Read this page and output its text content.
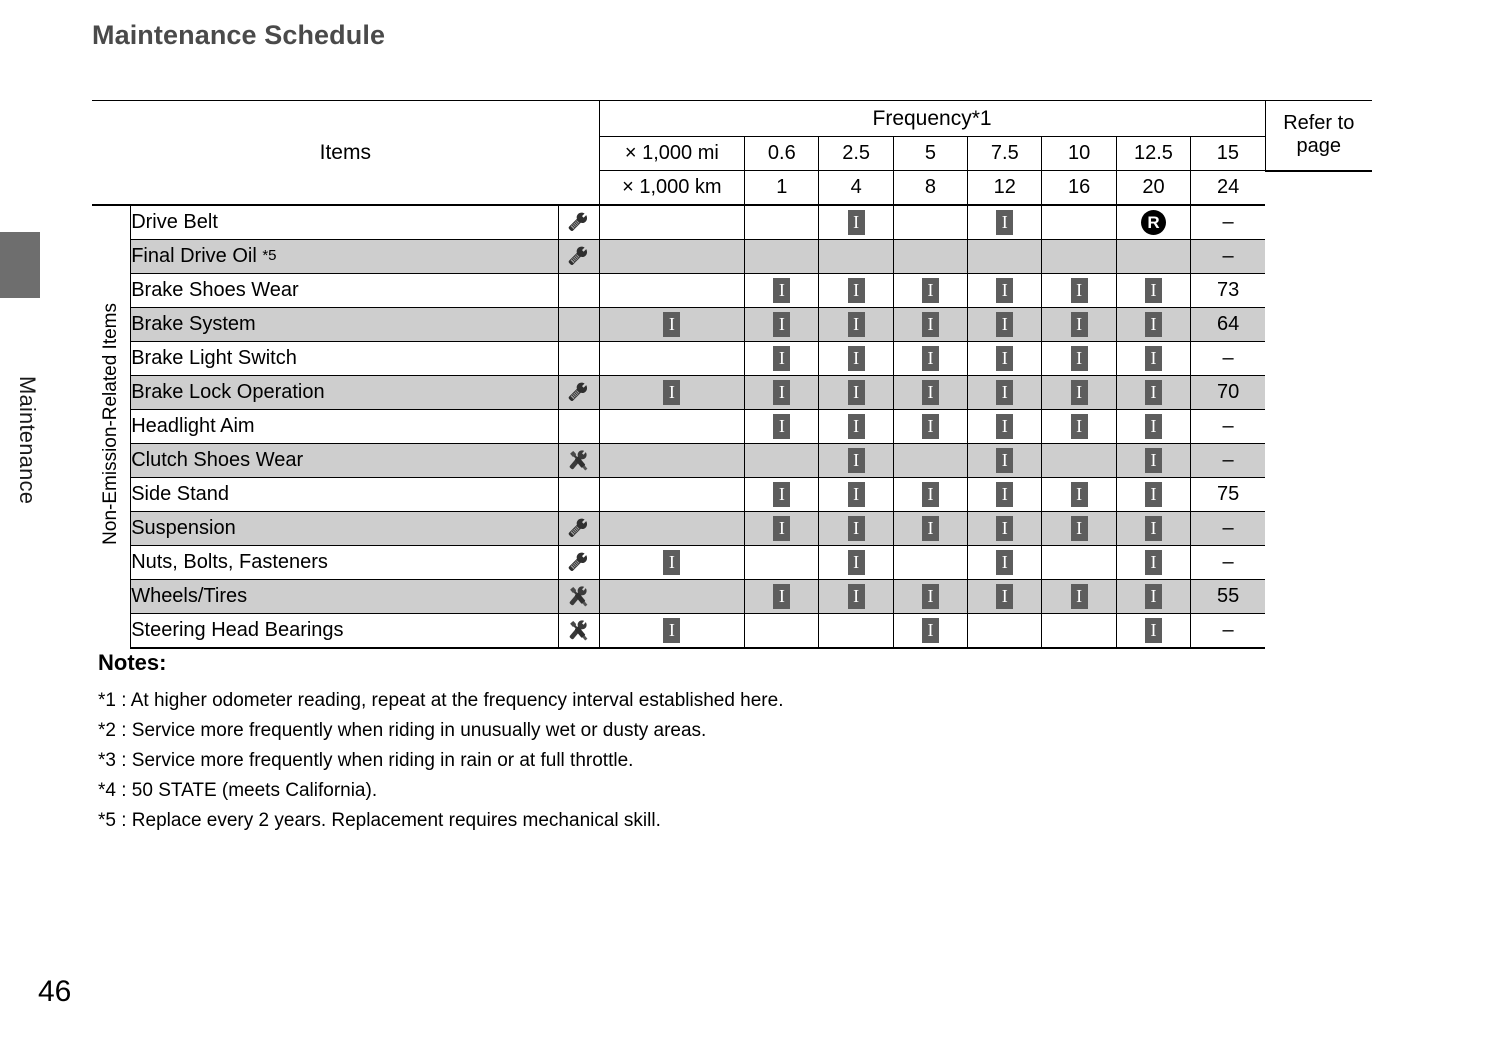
Maintenance
Maintenance Schedule
Items			Frequency*1								Refer to
page
			× 1,000 mi	0.6	2.5	5	7.5	10	12.5	15	
			× 1,000 km	1	4	8	12	16	20	24	
Non-Emission-Related Items	Drive Belt				I		I		R	–	
	Final Drive Oil *5									–	
	Brake Shoes Wear			I	I	I	I	I	I	73	
	Brake System		I	I	I	I	I	I	I	64	
	Brake Light Switch			I	I	I	I	I	I	–	
	Brake Lock Operation		I	I	I	I	I	I	I	70	
	Headlight Aim			I	I	I	I	I	I	–	
	Clutch Shoes Wear				I		I		I	–	
	Side Stand			I	I	I	I	I	I	75	
	Suspension			I	I	I	I	I	I	–	
	Nuts, Bolts, Fasteners		I		I		I		I	–	
	Wheels/Tires			I	I	I	I	I	I	55	
	Steering Head Bearings		I			I			I	–	
Notes:
*1 : At higher odometer reading, repeat at the frequency interval established here.
*2 : Service more frequently when riding in unusually wet or dusty areas.
*3 : Service more frequently when riding in rain or at full throttle.
*4 : 50 STATE (meets California).
*5 : Replace every 2 years. Replacement requires mechanical skill.
46
